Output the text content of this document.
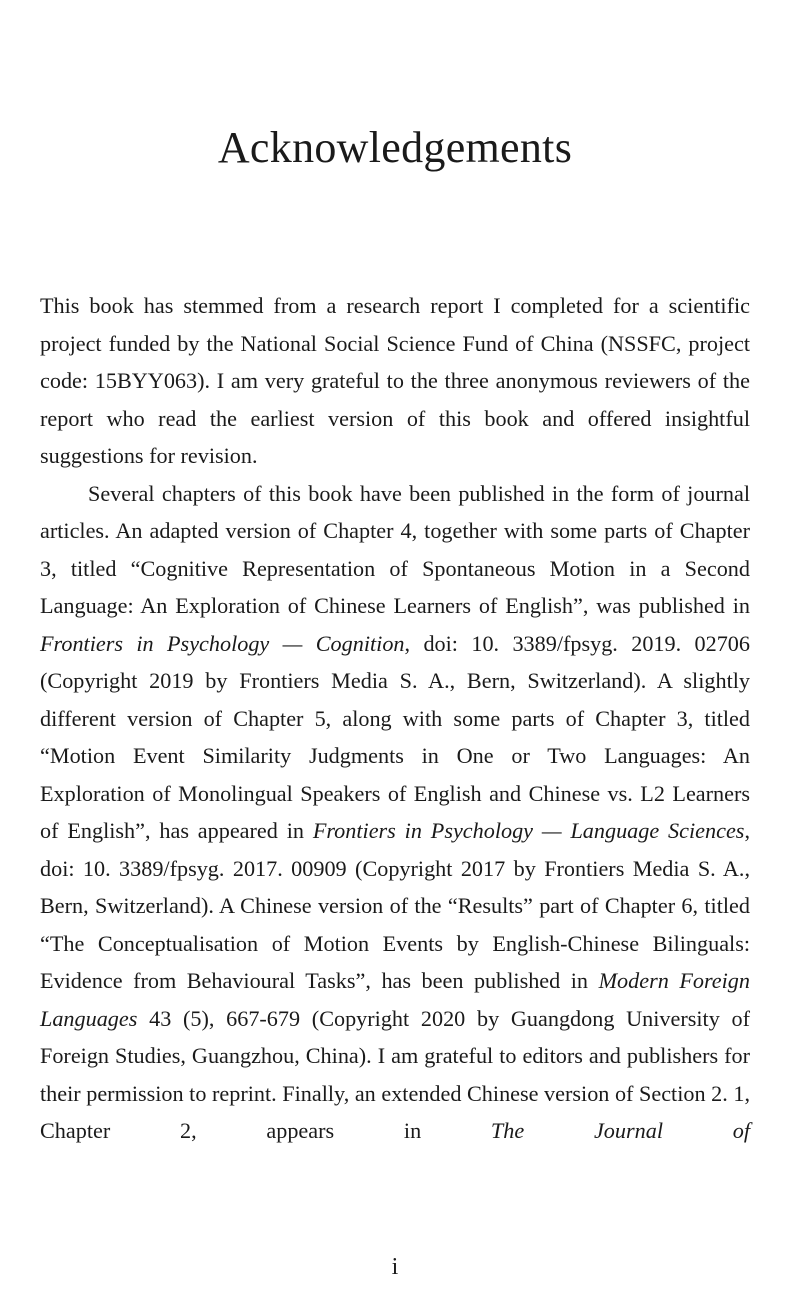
Acknowledgements

This book has stemmed from a research report I completed for a scientific project funded by the National Social Science Fund of China (NSSFC, project code: 15BYY063). I am very grateful to the three anonymous reviewers of the report who read the earliest version of this book and offered insightful suggestions for revision.

Several chapters of this book have been published in the form of journal articles. An adapted version of Chapter 4, together with some parts of Chapter 3, titled “Cognitive Representation of Spontaneous Motion in a Second Language: An Exploration of Chinese Learners of English”, was published in Frontiers in Psychology — Cognition, doi: 10. 3389/fpsyg. 2019. 02706 (Copyright 2019 by Frontiers Media S. A., Bern, Switzerland). A slightly different version of Chapter 5, along with some parts of Chapter 3, titled “Motion Event Similarity Judgments in One or Two Languages: An Exploration of Monolingual Speakers of English and Chinese vs. L2 Learners of English”, has appeared in Frontiers in Psychology — Language Sciences, doi: 10. 3389/fpsyg. 2017. 00909 (Copyright 2017 by Frontiers Media S. A., Bern, Switzerland). A Chinese version of the “Results” part of Chapter 6, titled “The Conceptualisation of Motion Events by English-Chinese Bilinguals: Evidence from Behavioural Tasks”, has been published in Modern Foreign Languages 43 (5), 667-679 (Copyright 2020 by Guangdong University of Foreign Studies, Guangzhou, China). I am grateful to editors and publishers for their permission to reprint. Finally, an extended Chinese version of Section 2. 1, Chapter 2, appears in The Journal of

i
